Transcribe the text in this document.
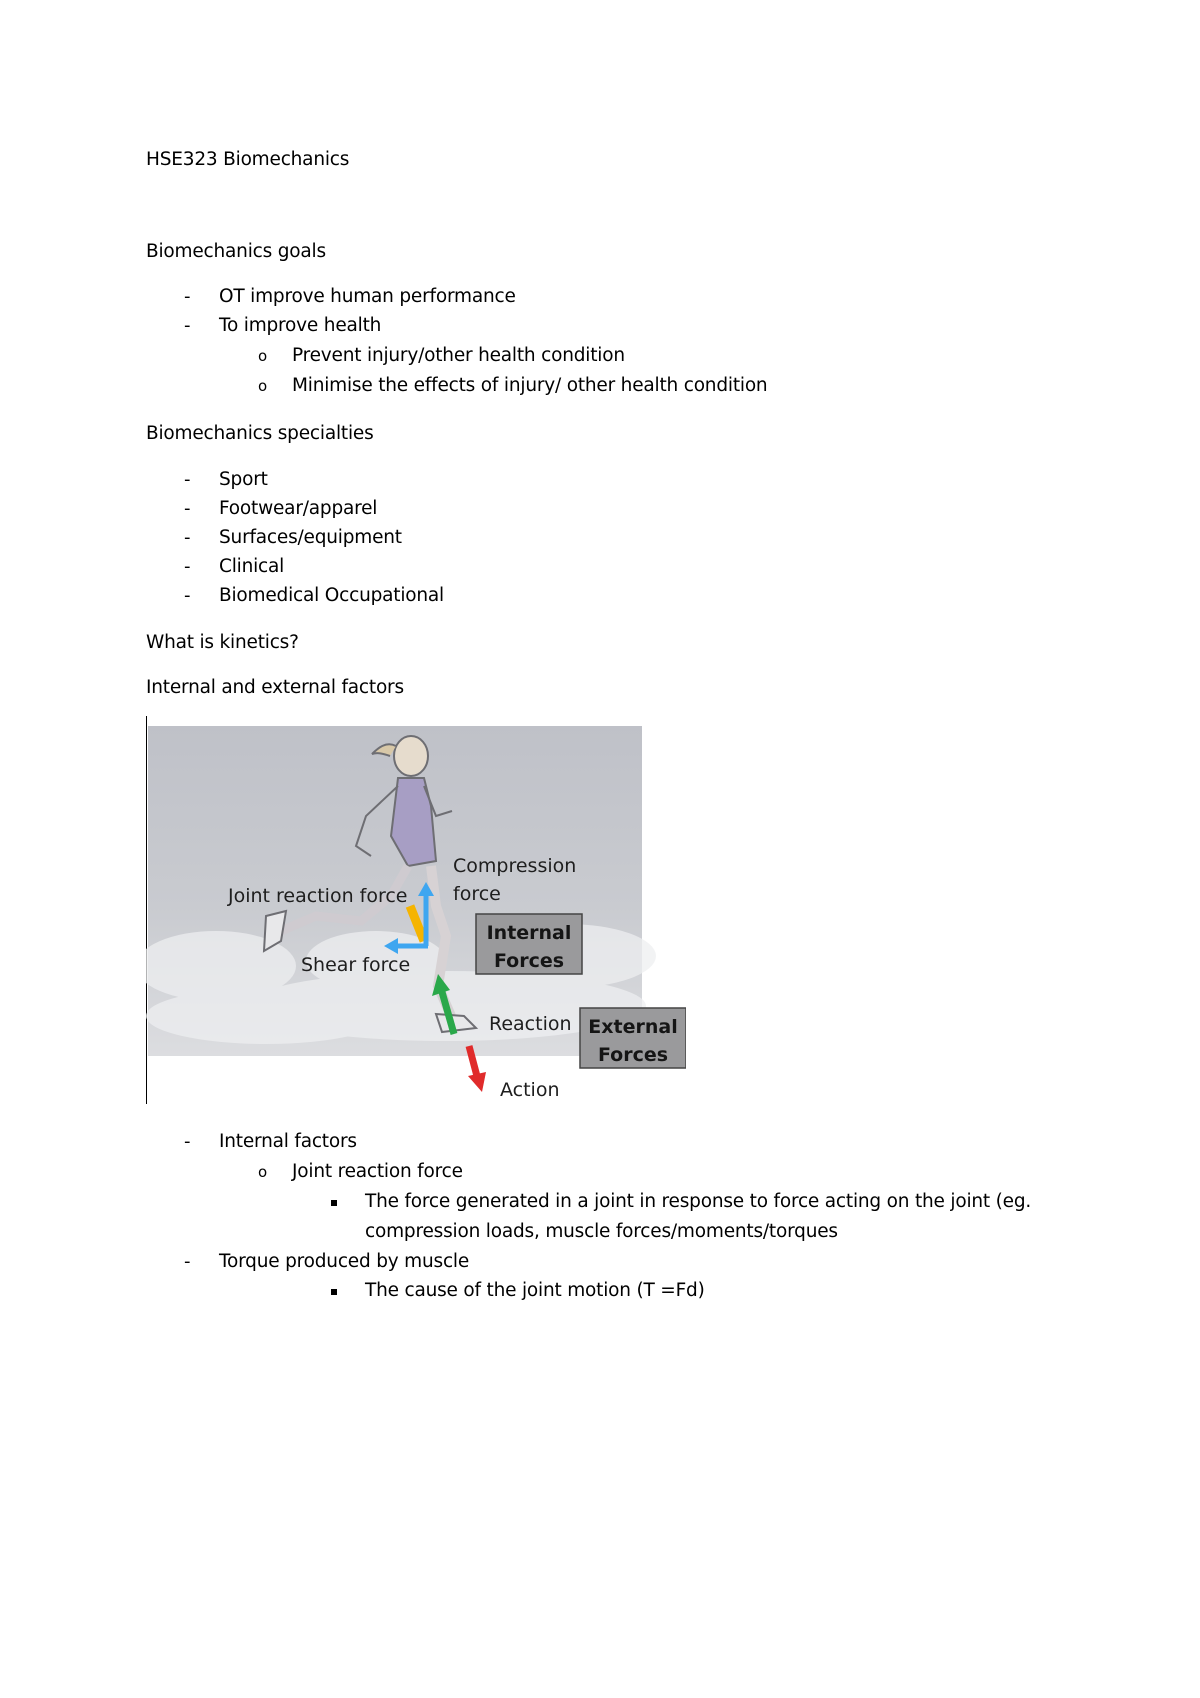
HSE323 Biomechanics
Biomechanics goals
- OT improve human performance
- To improve health
o Prevent injury/other health condition
o Minimise the effects of injury/ other health condition
Biomechanics specialties
- Sport
- Footwear/apparel
- Surfaces/equipment
- Clinical
- Biomedical Occupational
What is kinetics?
Internal and external factors
Joint reaction force
Compression
force
Shear force
Internal
Forces
Reaction External
Forces
Action
- Internal factors
o Joint reaction force
The force generated in a joint in response to force acting on the joint (eg.
compression loads, muscle forces/moments/torques
- Torque produced by muscle
The cause of the joint motion (T =Fd)
